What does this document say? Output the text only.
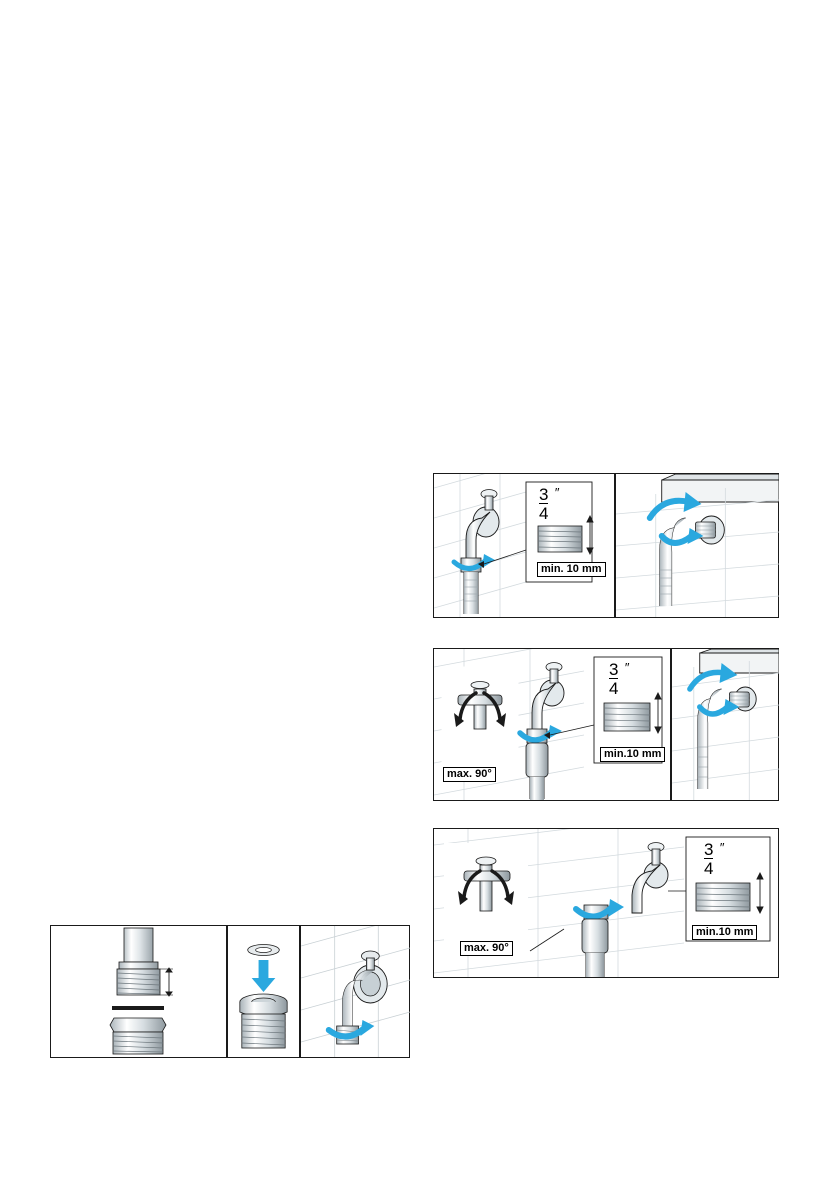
3
4
″
min. 10 mm
max. 90°
3
4
″
min.10 mm
max. 90°
3
4
″
min.10 mm
